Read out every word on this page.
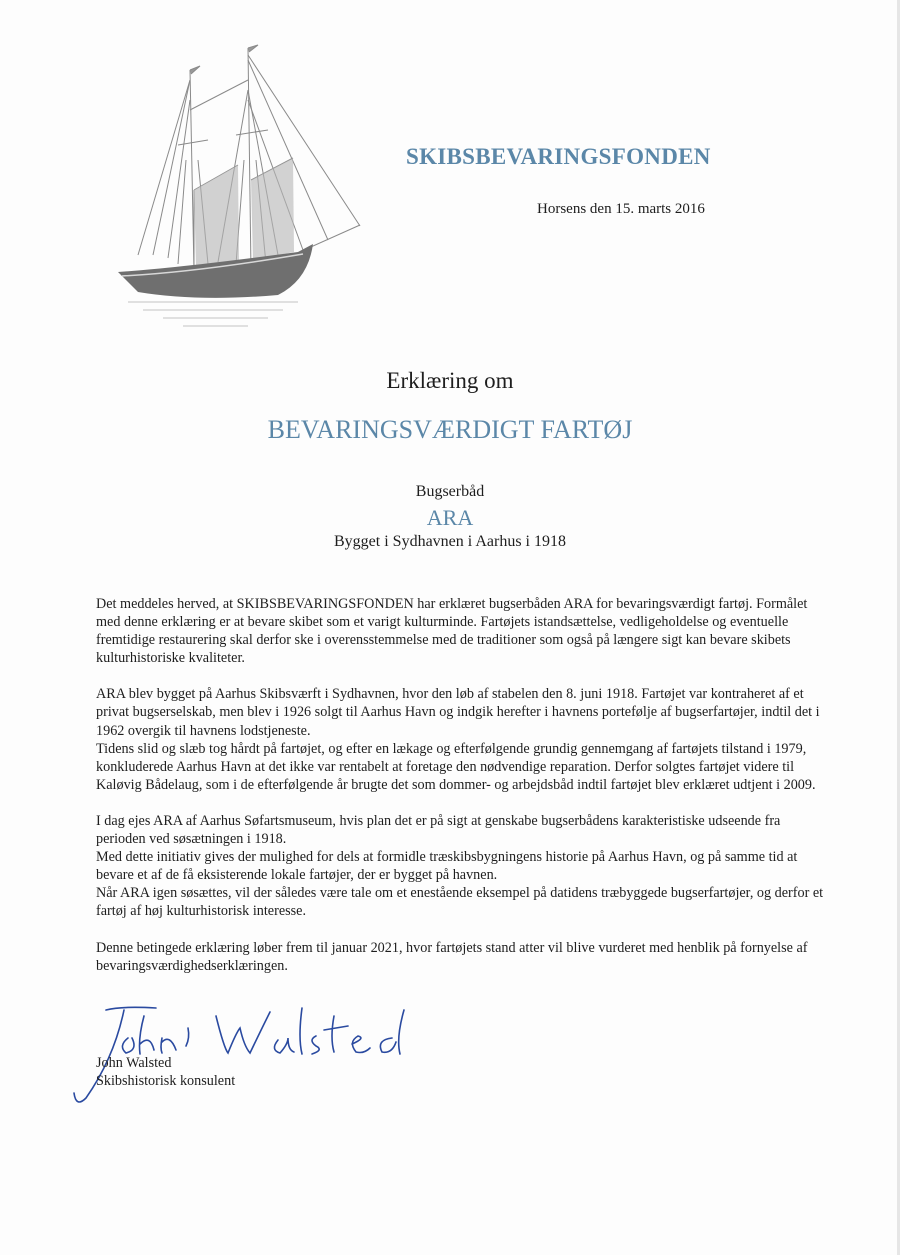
SKIBSBEVARINGSFONDEN
Horsens den 15. marts 2016
Erklæring om
BEVARINGSVÆRDIGT FARTØJ
Bugserbåd
ARA
Bygget i Sydhavnen i Aarhus i 1918

Det meddeles herved, at SKIBSBEVARINGSFONDEN har erklæret bugserbåden ARA for bevaringsværdigt fartøj. Formålet med denne erklæring er at bevare skibet som et varigt kulturminde. Fartøjets istandsættelse, vedligeholdelse og eventuelle fremtidige restaurering skal derfor ske i overensstemmelse med de traditioner som også på længere sigt kan bevare skibets kulturhistoriske kvaliteter.

ARA blev bygget på Aarhus Skibsværft i Sydhavnen, hvor den løb af stabelen den 8. juni 1918. Fartøjet var kontraheret af et privat bugserselskab, men blev i 1926 solgt til Aarhus Havn og indgik herefter i havnens portefølje af bugserfartøjer, indtil det i 1962 overgik til havnens lodstjeneste.

Tidens slid og slæb tog hårdt på fartøjet, og efter en lækage og efterfølgende grundig gennemgang af fartøjets tilstand i 1979, konkluderede Aarhus Havn at det ikke var rentabelt at foretage den nødvendige reparation. Derfor solgtes fartøjet videre til Kaløvig Bådelaug, som i de efterfølgende år brugte det som dommer- og arbejdsbåd indtil fartøjet blev erklæret udtjent i 2009.

I dag ejes ARA af Aarhus Søfartsmuseum, hvis plan det er på sigt at genskabe bugserbådens karakteristiske udseende fra perioden ved søsætningen i 1918.

Med dette initiativ gives der mulighed for dels at formidle træskibsbygningens historie på Aarhus Havn, og på samme tid at bevare et af de få eksisterende lokale fartøjer, der er bygget på havnen.

Når ARA igen søsættes, vil der således være tale om et enestående eksempel på datidens træbyggede bugserfartøjer, og derfor et fartøj af høj kulturhistorisk interesse.

Denne betingede erklæring løber frem til januar 2021, hvor fartøjets stand atter vil blive vurderet med henblik på fornyelse af bevaringsværdighedserklæringen.

John Walsted
Skibshistorisk konsulent
